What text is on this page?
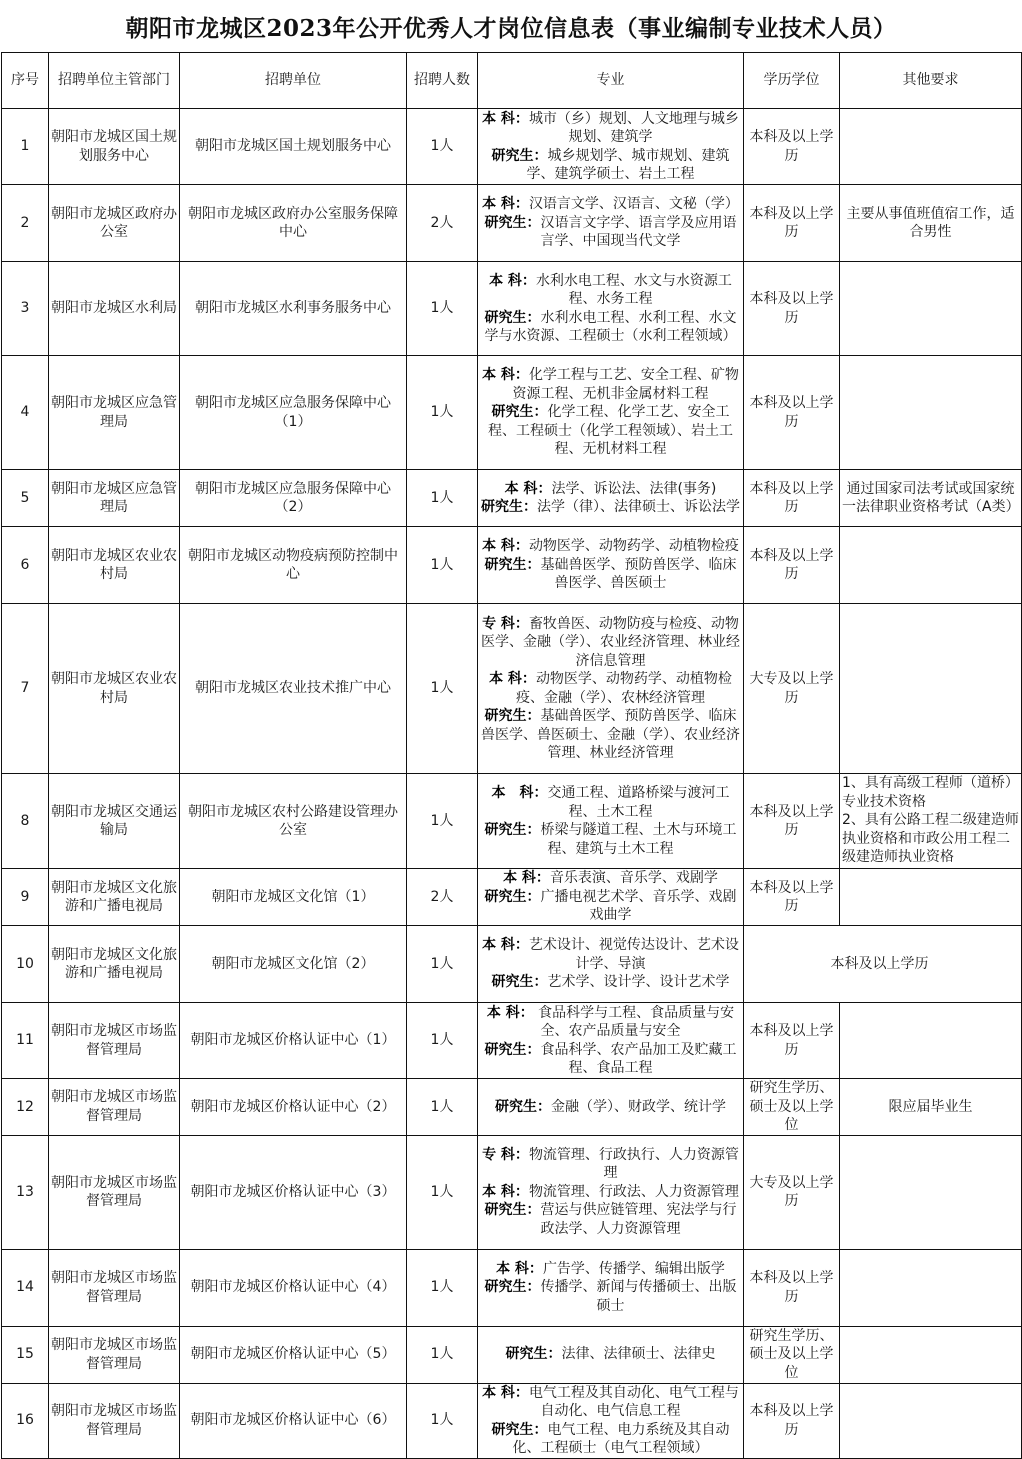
朝阳市龙城区2023年公开优秀人才岗位信息表（事业编制专业技术人员）
序号	招聘单位主管部门	招聘单位	招聘人数	专业	学历学位	其他要求
1	朝阳市龙城区国土规划服务中心	朝阳市龙城区国土规划服务中心	1人	本 科：城市（乡）规划、人文地理与城乡规划、建筑学
研究生：城乡规划学、城市规划、建筑学、建筑学硕士、岩土工程	本科及以上学历	
2	朝阳市龙城区政府办公室	朝阳市龙城区政府办公室服务保障中心	2人	本 科：汉语言文学、汉语言、文秘（学）
研究生：汉语言文字学、语言学及应用语言学、中国现当代文学	本科及以上学历	主要从事值班值宿工作，适合男性
3	朝阳市龙城区水利局	朝阳市龙城区水利事务服务中心	1人	本 科：水利水电工程、水文与水资源工程、水务工程
研究生：水利水电工程、水利工程、水文学与水资源、工程硕士（水利工程领域）	本科及以上学历	
4	朝阳市龙城区应急管理局	朝阳市龙城区应急服务保障中心（1）	1人	本 科：化学工程与工艺、安全工程、矿物资源工程、无机非金属材料工程
研究生：化学工程、化学工艺、安全工程、工程硕士（化学工程领域）、岩土工程、无机材料工程	本科及以上学历	
5	朝阳市龙城区应急管理局	朝阳市龙城区应急服务保障中心（2）	1人	本 科：法学、诉讼法、法律(事务)
研究生：法学（律）、法律硕士、诉讼法学	本科及以上学历	通过国家司法考试或国家统一法律职业资格考试（A类）
6	朝阳市龙城区农业农村局	朝阳市龙城区动物疫病预防控制中心	1人	本 科：动物医学、动物药学、动植物检疫
研究生：基础兽医学、预防兽医学、临床兽医学、兽医硕士	本科及以上学历	
7	朝阳市龙城区农业农村局	朝阳市龙城区农业技术推广中心	1人	专 科：畜牧兽医、动物防疫与检疫、动物医学、金融（学）、农业经济管理、林业经济信息管理
本 科：动物医学、动物药学、动植物检疫、金融（学）、农林经济管理
研究生：基础兽医学、预防兽医学、临床兽医学、兽医硕士、金融（学）、农业经济管理、林业经济管理	大专及以上学历	
8	朝阳市龙城区交通运输局	朝阳市龙城区农村公路建设管理办公室	1人	本　科：交通工程、道路桥梁与渡河工程、土木工程
研究生：桥梁与隧道工程、土木与环境工程、建筑与土木工程	本科及以上学历	1、具有高级工程师（道桥）专业技术资格
2、具有公路工程二级建造师执业资格和市政公用工程二级建造师执业资格

9	朝阳市龙城区文化旅游和广播电视局	朝阳市龙城区文化馆（1）	2人	本 科：音乐表演、音乐学、戏剧学
研究生：广播电视艺术学、音乐学、戏剧戏曲学	本科及以上学历	
10	朝阳市龙城区文化旅游和广播电视局	朝阳市龙城区文化馆（2）	1人	本 科：艺术设计、视觉传达设计、艺术设计学、导演
研究生：艺术学、设计学、设计艺术学	本科及以上学历	
11	朝阳市龙城区市场监督管理局	朝阳市龙城区价格认证中心（1）	1人	本 科： 食品科学与工程、食品质量与安全、农产品质量与安全
研究生：食品科学、农产品加工及贮藏工程、食品工程	本科及以上学历	
12	朝阳市龙城区市场监督管理局	朝阳市龙城区价格认证中心（2）	1人	研究生：金融（学）、财政学、统计学	研究生学历、硕士及以上学位	限应届毕业生
13	朝阳市龙城区市场监督管理局	朝阳市龙城区价格认证中心（3）	1人	专 科：物流管理、行政执行、人力资源管理
本 科：物流管理、行政法、人力资源管理
研究生：营运与供应链管理、宪法学与行政法学、人力资源管理	大专及以上学历	
14	朝阳市龙城区市场监督管理局	朝阳市龙城区价格认证中心（4）	1人	本 科：广告学、传播学、编辑出版学
研究生：传播学、新闻与传播硕士、出版硕士	本科及以上学历	
15	朝阳市龙城区市场监督管理局	朝阳市龙城区价格认证中心（5）	1人	研究生：法律、法律硕士、法律史	研究生学历、硕士及以上学位	
16	朝阳市龙城区市场监督管理局	朝阳市龙城区价格认证中心（6）	1人	本 科：电气工程及其自动化、电气工程与自动化、电气信息工程
研究生：电气工程、电力系统及其自动化、工程硕士（电气工程领域）	本科及以上学历	
